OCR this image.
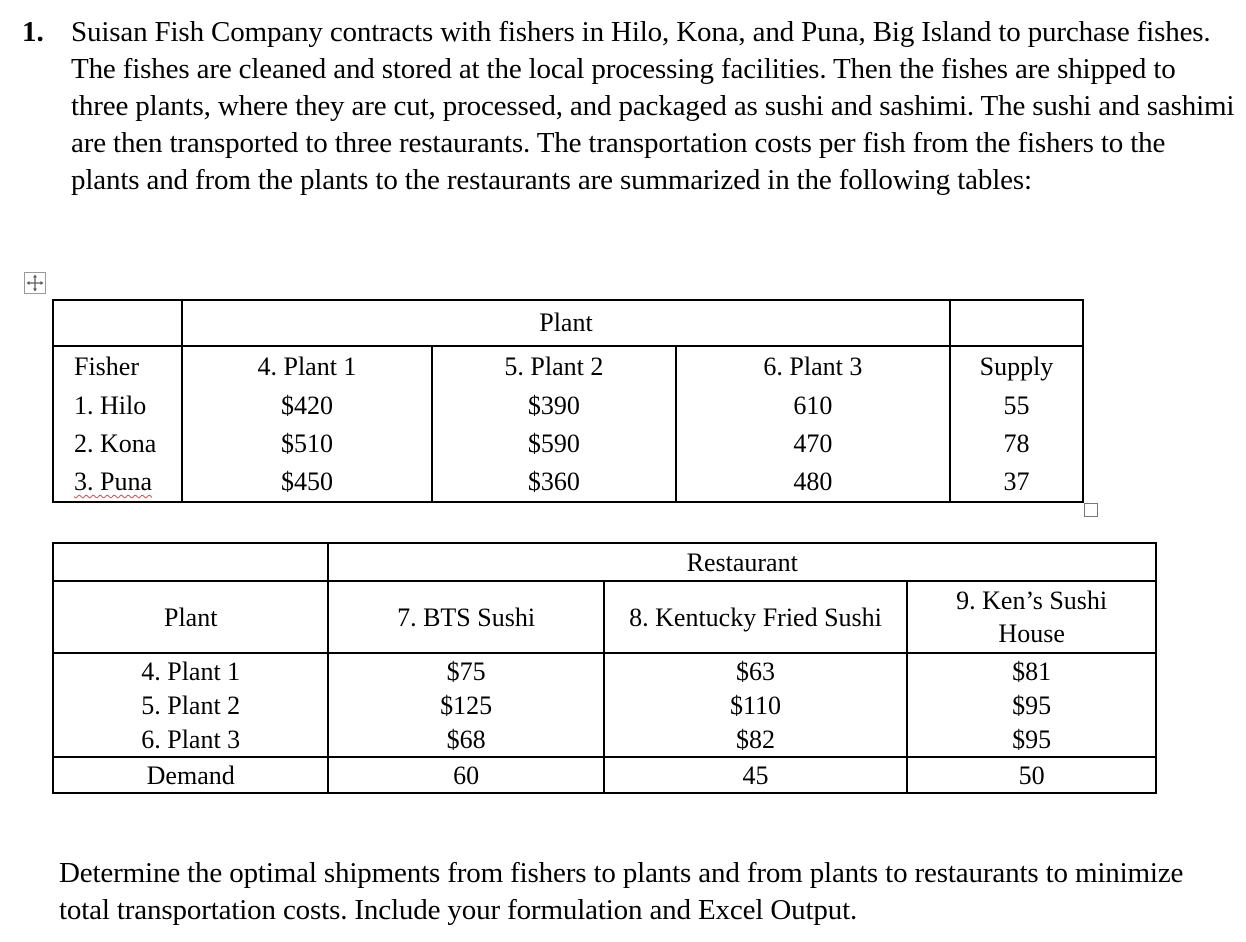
1. Suisan Fish Company contracts with fishers in Hilo, Kona, and Puna, Big Island to purchase fishes. The fishes are cleaned and stored at the local processing facilities. Then the fishes are shipped to three plants, where they are cut, processed, and packaged as sushi and sashimi. The sushi and sashimi are then transported to three restaurants. The transportation costs per fish from the fishers to the plants and from the plants to the restaurants are summarized in the following tables:
	Plant			
Fisher	4. Plant 1	5. Plant 2	6. Plant 3	Supply
1. Hilo	$420	$390	610	55
2. Kona	$510	$590	470	78
3. Puna	$450	$360	480	37
	Restaurant		
Plant	7. BTS Sushi	8. Kentucky Fried Sushi	9. Ken’s Sushi House
4. Plant 1	$75	$63	$81
5. Plant 2	$125	$110	$95
6. Plant 3	$68	$82	$95
Demand	60	45	50
Determine the optimal shipments from fishers to plants and from plants to restaurants to minimize total transportation costs. Include your formulation and Excel Output.
